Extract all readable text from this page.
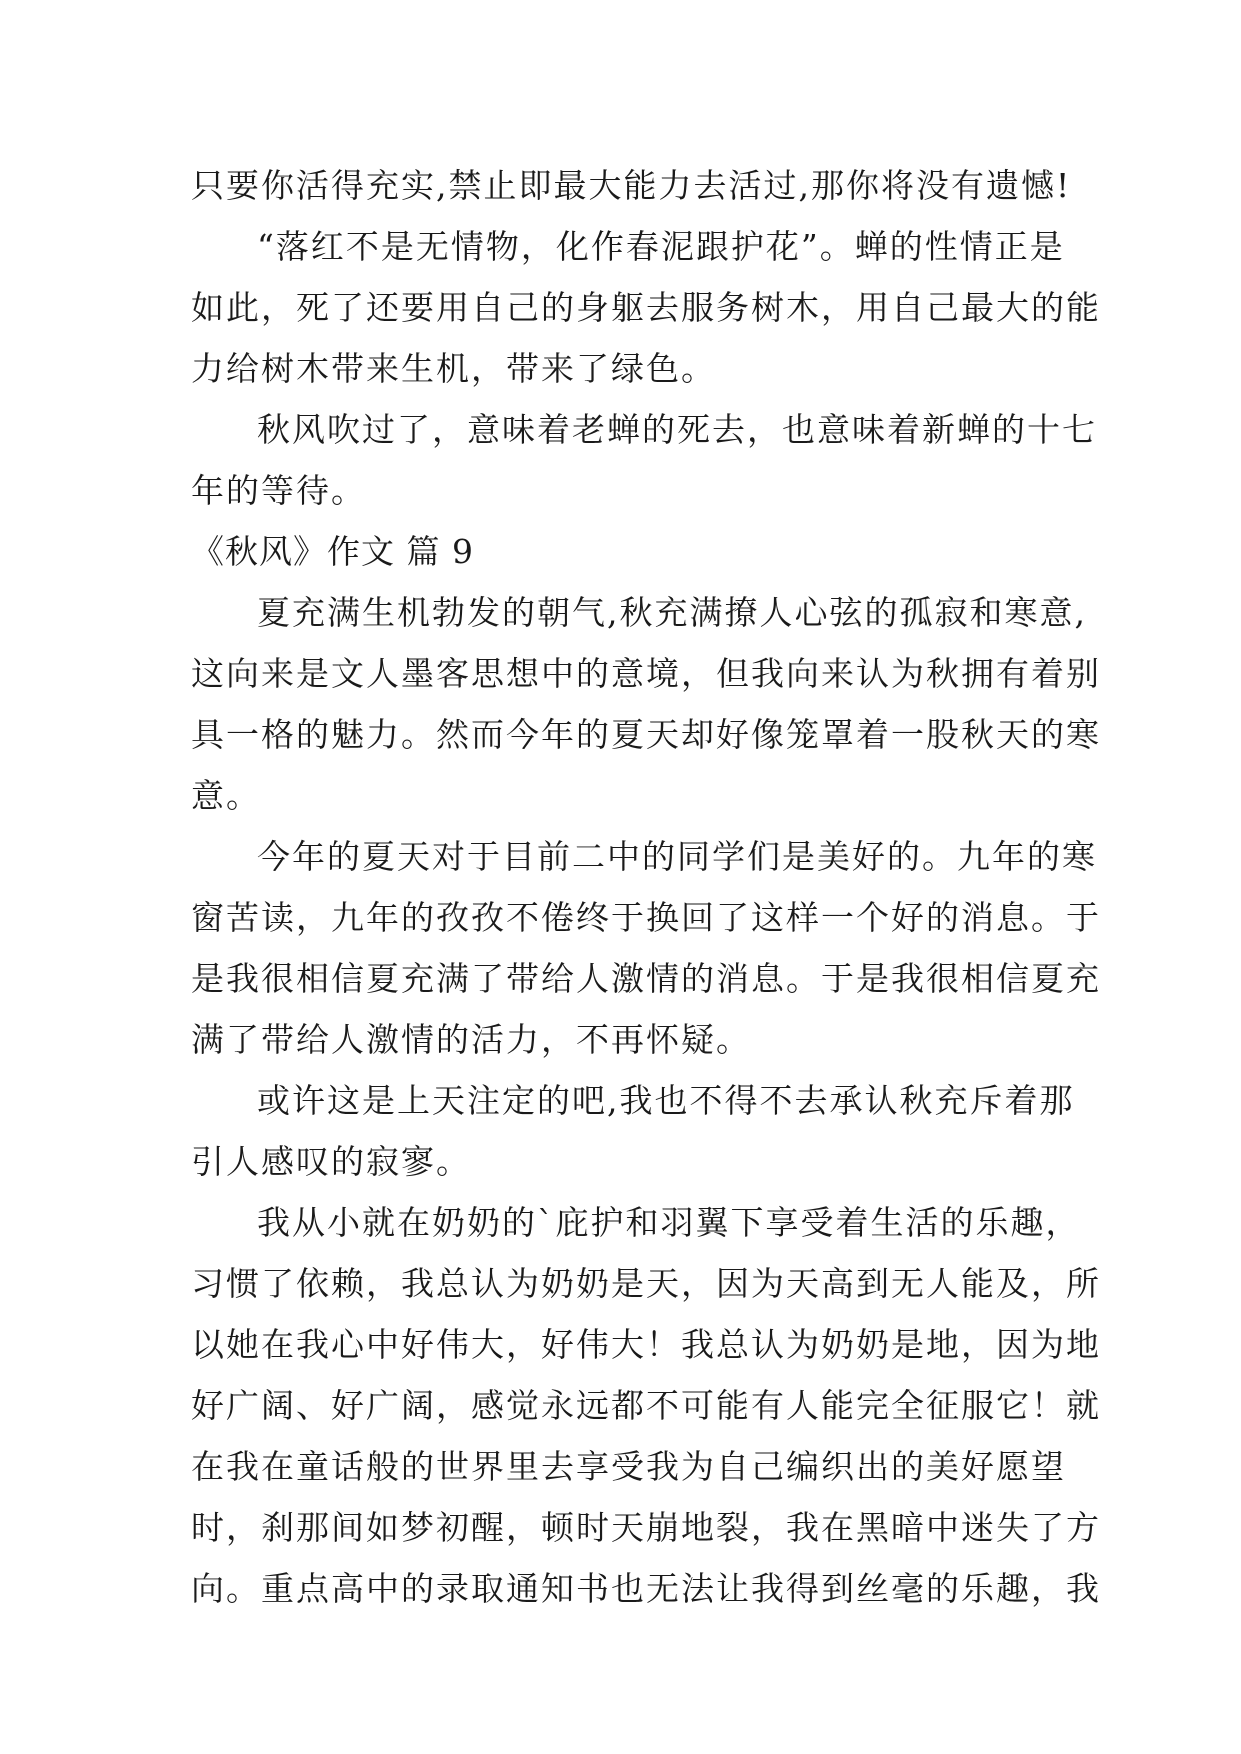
只要你活得充实,禁止即最大能力去活过,那你将没有遗憾!
“落红不是无情物，化作春泥跟护花”。蝉的性情正是
如此，死了还要用自己的身躯去服务树木，用自己最大的能
力给树木带来生机，带来了绿色。
秋风吹过了，意味着老蝉的死去，也意味着新蝉的十七
年的等待。
《秋风》作文 篇 9
夏充满生机勃发的朝气,秋充满撩人心弦的孤寂和寒意,
这向来是文人墨客思想中的意境，但我向来认为秋拥有着别
具一格的魅力。然而今年的夏天却好像笼罩着一股秋天的寒
意。
今年的夏天对于目前二中的同学们是美好的。九年的寒
窗苦读，九年的孜孜不倦终于换回了这样一个好的消息。于
是我很相信夏充满了带给人激情的消息。于是我很相信夏充
满了带给人激情的活力，不再怀疑。
或许这是上天注定的吧,我也不得不去承认秋充斥着那
引人感叹的寂寥。
我从小就在奶奶的`庇护和羽翼下享受着生活的乐趣，
习惯了依赖，我总认为奶奶是天，因为天高到无人能及，所
以她在我心中好伟大，好伟大！我总认为奶奶是地，因为地
好广阔、好广阔，感觉永远都不可能有人能完全征服它！就
在我在童话般的世界里去享受我为自己编织出的美好愿望
时，刹那间如梦初醒，顿时天崩地裂，我在黑暗中迷失了方
向。重点高中的录取通知书也无法让我得到丝毫的乐趣，我
